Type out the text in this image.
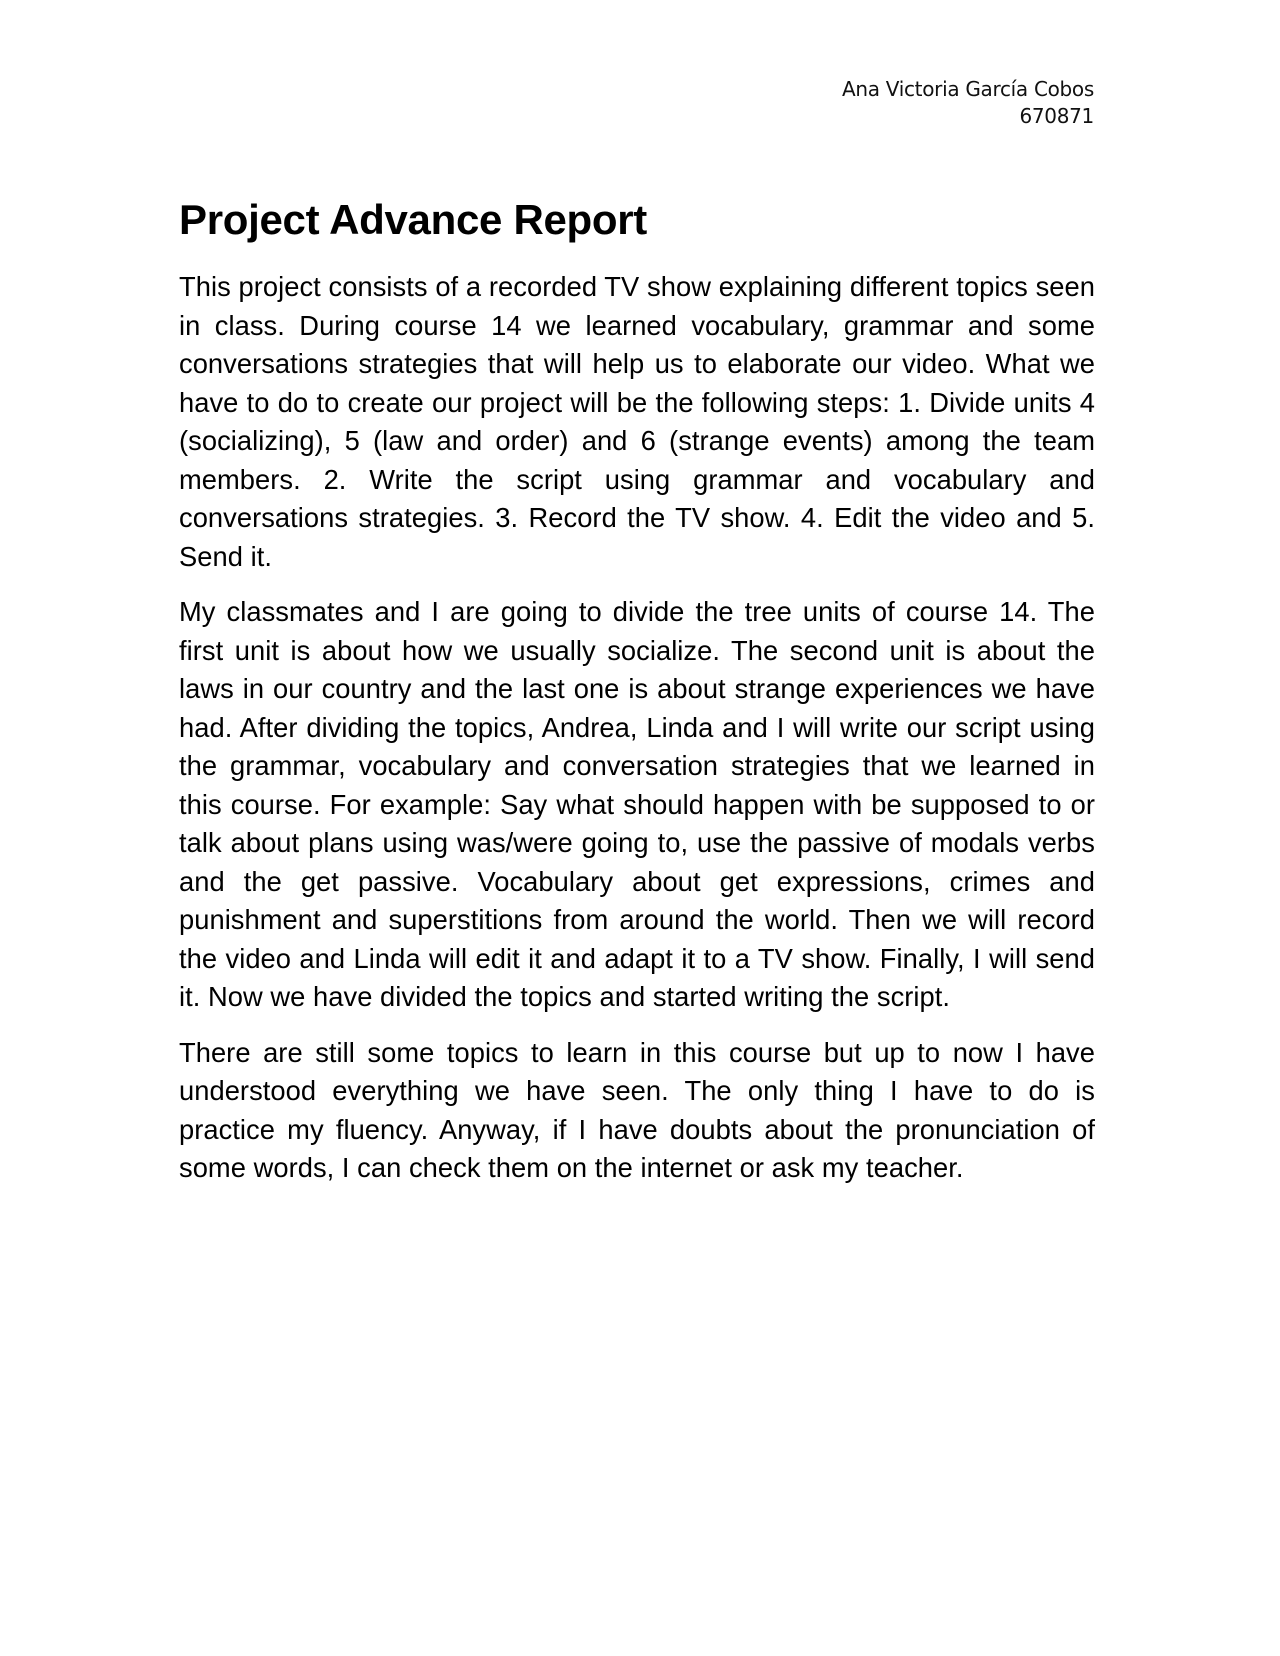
Ana Victoria García Cobos
670871
Project Advance Report

This project consists of a recorded TV show explaining different topics seen in class. During course 14 we learned vocabulary, grammar and some conversations strategies that will help us to elaborate our video. What we have to do to create our project will be the following steps: 1. Divide units 4 (socializing), 5 (law and order) and 6 (strange events) among the team members. 2. Write the script using grammar and vocabulary and conversations strategies. 3. Record the TV show. 4. Edit the video and 5. Send it.

My classmates and I are going to divide the tree units of course 14. The first unit is about how we usually socialize. The second unit is about the laws in our country and the last one is about strange experiences we have had. After dividing the topics, Andrea, Linda and I will write our script using the grammar, vocabulary and conversation strategies that we learned in this course. For example: Say what should happen with be supposed to or talk about plans using was/were going to, use the passive of modals verbs and the get passive. Vocabulary about get expressions, crimes and punishment and superstitions from around the world. Then we will record the video and Linda will edit it and adapt it to a TV show. Finally, I will send it. Now we have divided the topics and started writing the script.

There are still some topics to learn in this course but up to now I have understood everything we have seen. The only thing I have to do is practice my fluency. Anyway, if I have doubts about the pronunciation of some words, I can check them on the internet or ask my teacher.
